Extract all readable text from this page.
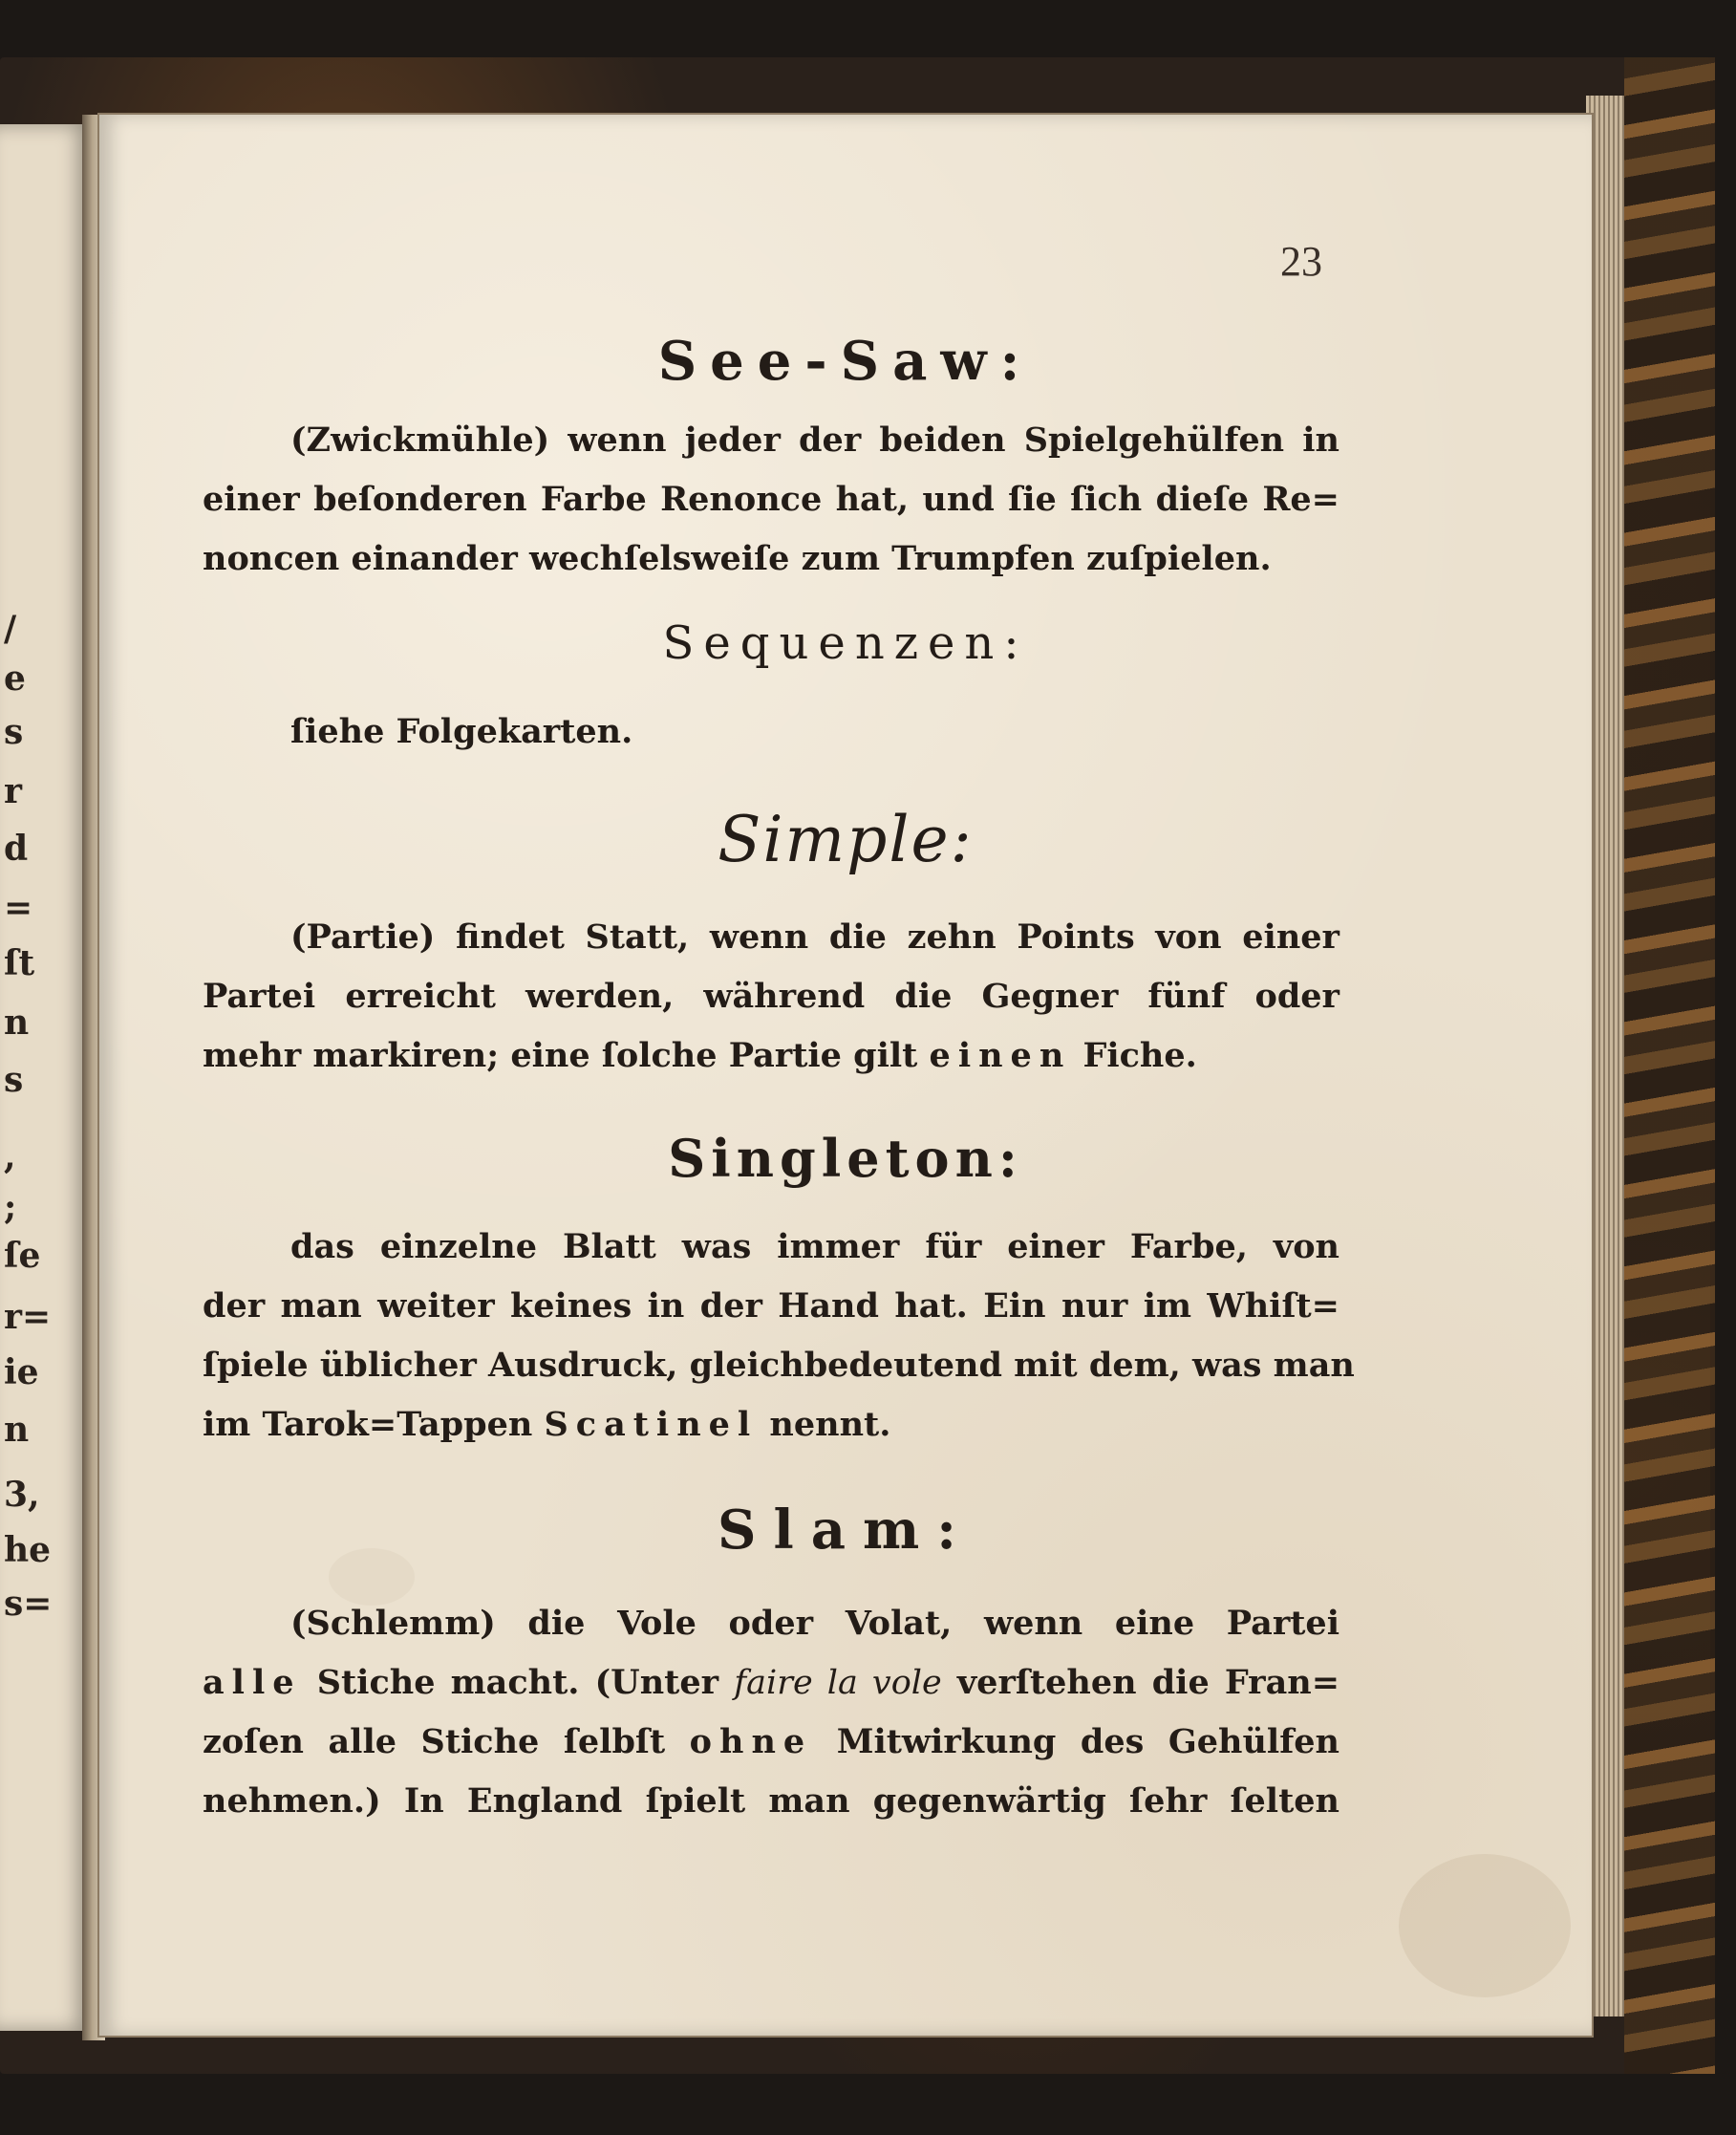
/
e
s
r
d
=
ſt
n
s
,
;
ſe
r=
ie
n
3,
he
s=
23
See-Saw:
(Zwickmühle) wenn jeder der beiden Spielgehülfen in
einer beſonderen Farbe Renonce hat, und ſie ſich dieſe Re=
noncen einander wechſelsweiſe zum Trumpfen zuſpielen.
Sequenzen:
ſiehe Folgekarten.
Simple:
(Partie) findet Statt, wenn die zehn Points von einer
Partei erreicht werden, während die Gegner fünf oder
mehr markiren; eine ſolche Partie gilt einen Fiche.
Singleton:
das einzelne Blatt was immer für einer Farbe, von
der man weiter keines in der Hand hat. Ein nur im Whiſt=
ſpiele üblicher Ausdruck, gleichbedeutend mit dem, was man
im Tarok=Tappen Scatinel nennt.
Slam:
(Schlemm) die Vole oder Volat, wenn eine Partei
alle Stiche macht. (Unter faire la vole verſtehen die Fran=
zoſen alle Stiche ſelbſt ohne Mitwirkung des Gehülfen
nehmen.) In England ſpielt man gegenwärtig ſehr ſelten
